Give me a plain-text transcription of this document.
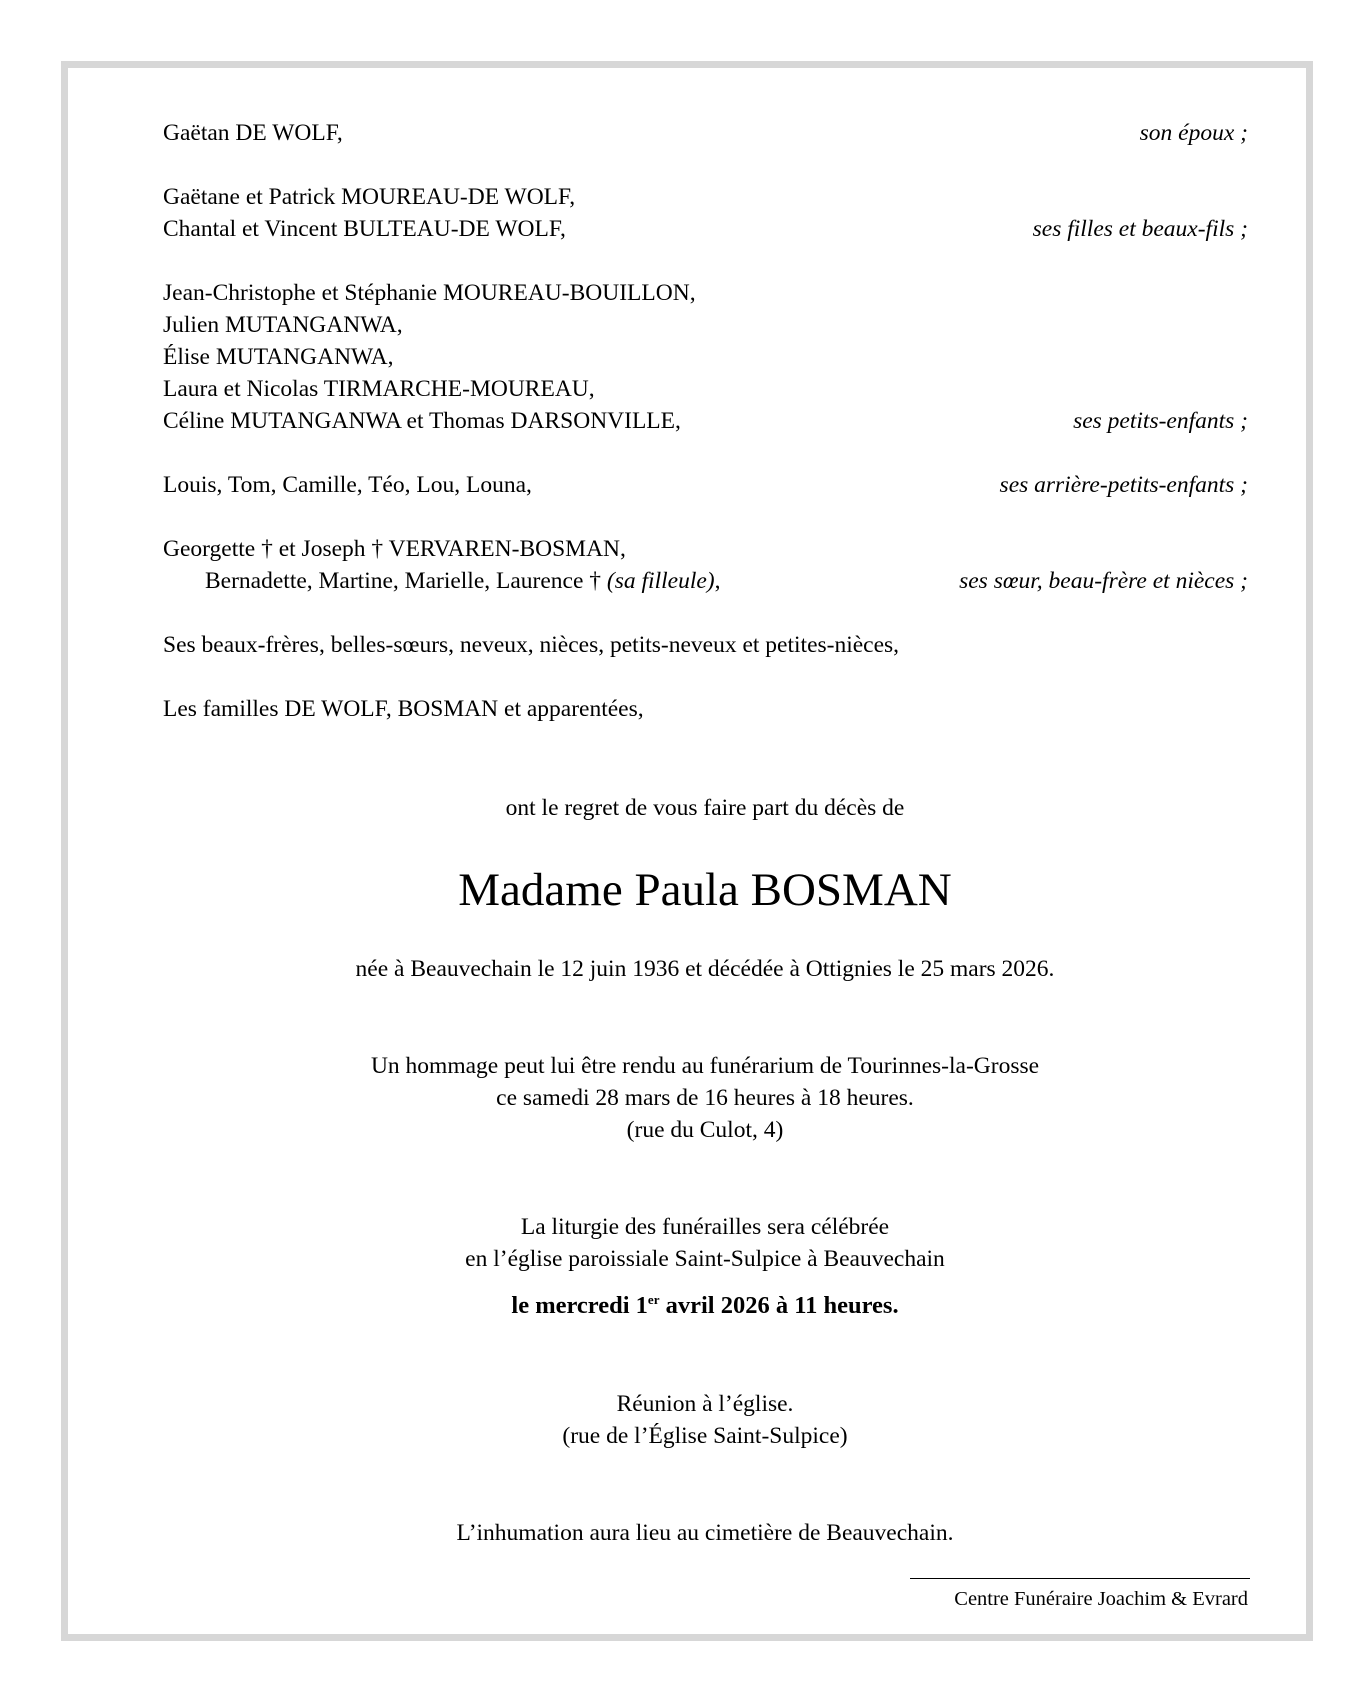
Gaëtan DE WOLF,	son époux ;
Gaëtane et Patrick MOUREAU-DE WOLF,
Chantal et Vincent BULTEAU-DE WOLF,	ses filles et beaux-fils ;
Jean-Christophe et Stéphanie MOUREAU-BOUILLON,
Julien MUTANGANWA,
Élise MUTANGANWA,
Laura et Nicolas TIRMARCHE-MOUREAU,
Céline MUTANGANWA et Thomas DARSONVILLE,	ses petits-enfants ;
Louis, Tom, Camille, Téo, Lou, Louna,	ses arrière-petits-enfants ;
Georgette † et Joseph † VERVAREN-BOSMAN,
Bernadette, Martine, Marielle, Laurence † (sa filleule),	ses sœur, beau-frère et nièces ;
Ses beaux-frères, belles-sœurs, neveux, nièces, petits-neveux et petites-nièces,
Les familles DE WOLF, BOSMAN et apparentées,
ont le regret de vous faire part du décès de
Madame Paula BOSMAN
née à Beauvechain le 12 juin 1936 et décédée à Ottignies le 25 mars 2026.
Un hommage peut lui être rendu au funérarium de Tourinnes-la-Grosse
ce samedi 28 mars de 16 heures à 18 heures.
(rue du Culot, 4)
La liturgie des funérailles sera célébrée
en l’église paroissiale Saint-Sulpice à Beauvechain
le mercredi 1er avril 2026 à 11 heures.
Réunion à l’église.
(rue de l’Église Saint-Sulpice)
L’inhumation aura lieu au cimetière de Beauvechain.
Centre Funéraire Joachim & Evrard
